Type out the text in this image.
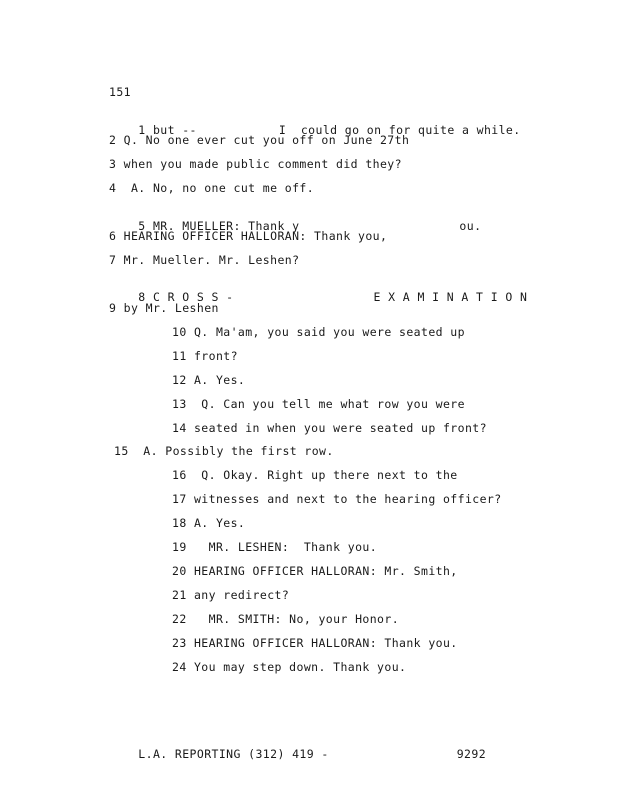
151

1 but --	I  could go on for quite a while.

2 Q. No one ever cut you off on June 27th
3 when you made public comment did they?
4  A. No, no one cut me off.

5 MR. MUELLER: Thank y	ou.

6 HEARING OFFICER HALLORAN: Thank you,
7 Mr. Mueller. Mr. Leshen?

8 C R O S S -	E X A M I N A T I O N

9 by Mr. Leshen
10 Q. Ma'am, you said you were seated up
11 front?
12 A. Yes.
13  Q. Can you tell me what row you were
14 seated in when you were seated up front?
15  A. Possibly the first row.
16  Q. Okay. Right up there next to the
17 witnesses and next to the hearing officer?
18 A. Yes.
19   MR. LESHEN:  Thank you.
20 HEARING OFFICER HALLORAN: Mr. Smith,
21 any redirect?
22   MR. SMITH: No, your Honor.
23 HEARING OFFICER HALLORAN: Thank you.
24 You may step down. Thank you.

L.A. REPORTING (312) 419 -	9292
